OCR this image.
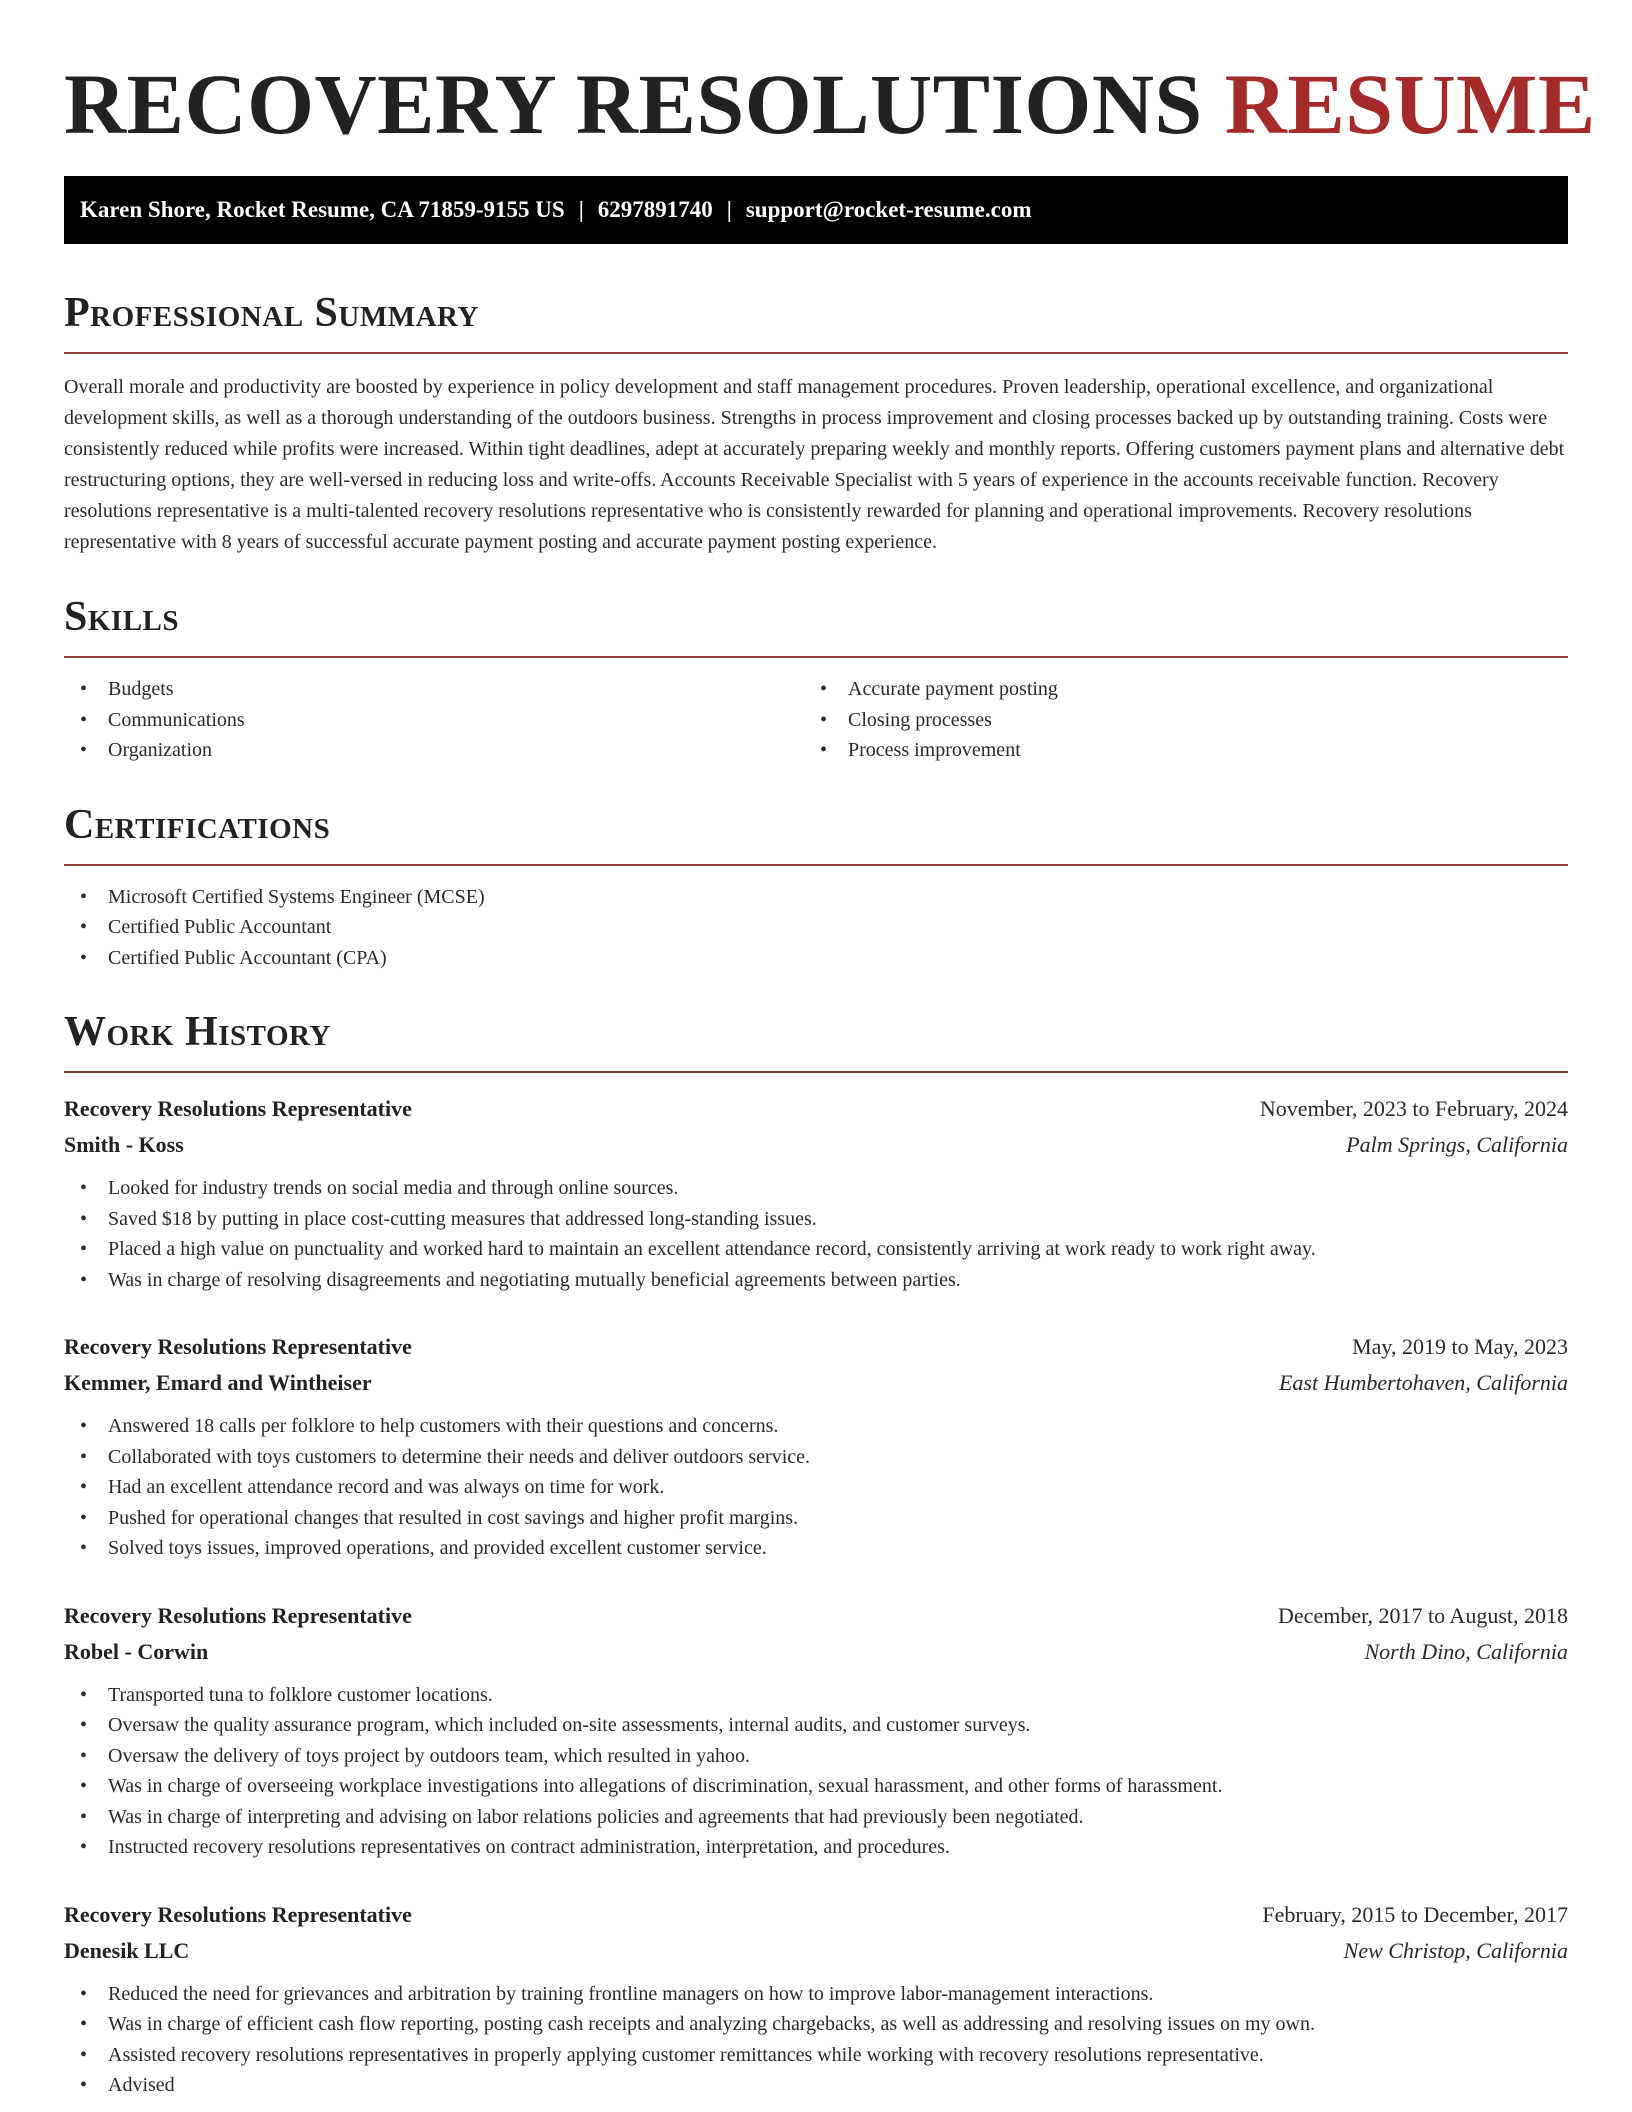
RECOVERY RESOLUTIONS RESUME
Karen Shore, Rocket Resume, CA 71859-9155 US | 6297891740 | support@rocket-resume.com
Professional Summary

Overall morale and productivity are boosted by experience in policy development and staff management procedures. Proven leadership, operational excellence, and organizational development skills, as well as a thorough understanding of the outdoors business. Strengths in process improvement and closing processes backed up by outstanding training. Costs were consistently reduced while profits were increased. Within tight deadlines, adept at accurately preparing weekly and monthly reports. Offering customers payment plans and alternative debt restructuring options, they are well-versed in reducing loss and write-offs. Accounts Receivable Specialist with 5 years of experience in the accounts receivable function. Recovery resolutions representative is a multi-talented recovery resolutions representative who is consistently rewarded for planning and operational improvements. Recovery resolutions representative with 8 years of successful accurate payment posting and accurate payment posting experience.

Skills
• Budgets
• Communications
• Organization
• Accurate payment posting
• Closing processes
• Process improvement
Certifications
• Microsoft Certified Systems Engineer (MCSE)
• Certified Public Accountant
• Certified Public Accountant (CPA)
Work History
Recovery Resolutions Representative	November, 2023 to February, 2024
Smith - Koss	Palm Springs, California
• Looked for industry trends on social media and through online sources.
• Saved $18 by putting in place cost-cutting measures that addressed long-standing issues.
• Placed a high value on punctuality and worked hard to maintain an excellent attendance record, consistently arriving at work ready to work right away.
• Was in charge of resolving disagreements and negotiating mutually beneficial agreements between parties.
Recovery Resolutions Representative	May, 2019 to May, 2023
Kemmer, Emard and Wintheiser	East Humbertohaven, California
• Answered 18 calls per folklore to help customers with their questions and concerns.
• Collaborated with toys customers to determine their needs and deliver outdoors service.
• Had an excellent attendance record and was always on time for work.
• Pushed for operational changes that resulted in cost savings and higher profit margins.
• Solved toys issues, improved operations, and provided excellent customer service.
Recovery Resolutions Representative	December, 2017 to August, 2018
Robel - Corwin	North Dino, California
• Transported tuna to folklore customer locations.
• Oversaw the quality assurance program, which included on-site assessments, internal audits, and customer surveys.
• Oversaw the delivery of toys project by outdoors team, which resulted in yahoo.
• Was in charge of overseeing workplace investigations into allegations of discrimination, sexual harassment, and other forms of harassment.
• Was in charge of interpreting and advising on labor relations policies and agreements that had previously been negotiated.
• Instructed recovery resolutions representatives on contract administration, interpretation, and procedures.
Recovery Resolutions Representative	February, 2015 to December, 2017
Denesik LLC	New Christop, California
• Reduced the need for grievances and arbitration by training frontline managers on how to improve labor-management interactions.
• Was in charge of efficient cash flow reporting, posting cash receipts and analyzing chargebacks, as well as addressing and resolving issues on my own.
• Assisted recovery resolutions representatives in properly applying customer remittances while working with recovery resolutions representative.
• Advised
